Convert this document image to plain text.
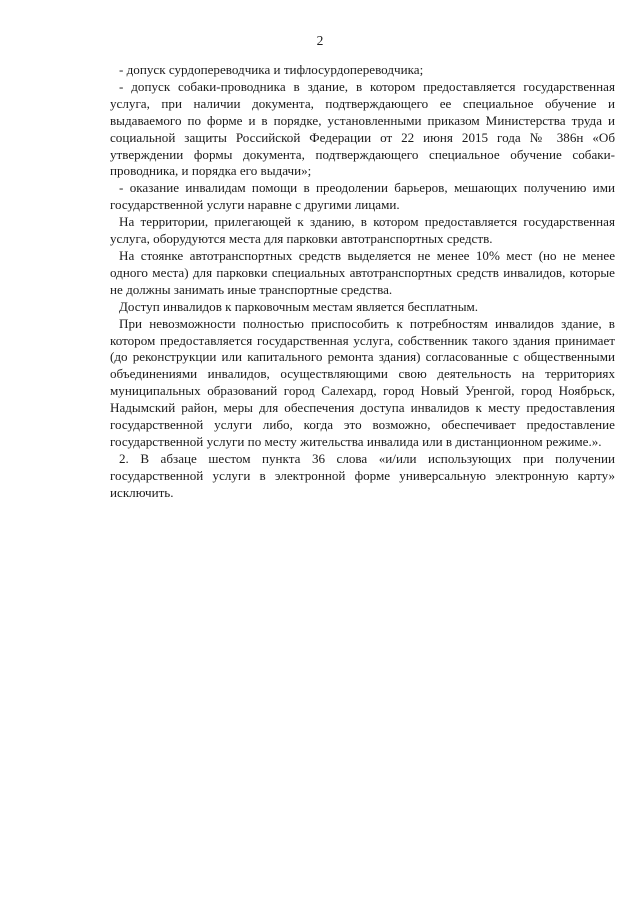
2

- допуск сурдопереводчика и тифлосурдопереводчика;

- допуск собаки-проводника в здание, в котором предоставляется государственная услуга, при наличии документа, подтверждающего ее специальное обучение и выдаваемого по форме и в порядке, установленными приказом Министерства труда и социальной защиты Российской Федерации от 22 июня 2015 года № 386н «Об утверждении формы документа, подтверждающего специальное обучение собаки-проводника, и порядка его выдачи»;

- оказание инвалидам помощи в преодолении барьеров, мешающих получению ими государственной услуги наравне с другими лицами.

На территории, прилегающей к зданию, в котором предоставляется государственная услуга, оборудуются места для парковки автотранспортных средств.

На стоянке автотранспортных средств выделяется не менее 10% мест (но не менее одного места) для парковки специальных автотранспортных средств инвалидов, которые не должны занимать иные транспортные средства.

Доступ инвалидов к парковочным местам является бесплатным.

При невозможности полностью приспособить к потребностям инвалидов здание, в котором предоставляется государственная услуга, собственник такого здания принимает (до реконструкции или капитального ремонта здания) согласованные с общественными объединениями инвалидов, осуществляющими свою деятельность на территориях муниципальных образований город Салехард, город Новый Уренгой, город Ноябрьск, Надымский район, меры для обеспечения доступа инвалидов к месту предоставления государственной услуги либо, когда это возможно, обеспечивает предоставление государственной услуги по месту жительства инвалида или в дистанционном режиме.».

2. В абзаце шестом пункта 36 слова «и/или использующих при получении государственной услуги в электронной форме универсальную электронную карту» исключить.
